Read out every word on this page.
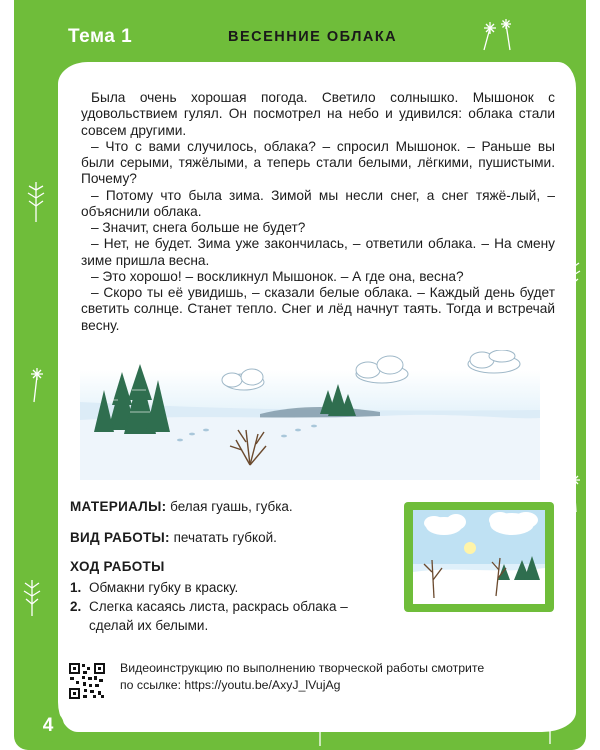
Тема 1	ВЕСЕННИЕ ОБЛАКА

Была очень хорошая погода. Светило солнышко. Мышонок с удовольствием гулял. Он посмотрел на небо и удивился: облака стали совсем другими.

– Что с вами случилось, облака? – спросил Мышонок. – Раньше вы были серыми, тяжёлыми, а теперь стали белыми, лёгкими, пушистыми. Почему?

– Потому что была зима. Зимой мы несли снег, а снег тяжё-лый, – объяснили облака.

– Значит, снега больше не будет?

– Нет, не будет. Зима уже закончилась, – ответили облака. – На смену зиме пришла весна.

– Это хорошо! – воскликнул Мышонок. – А где она, весна?

– Скоро ты её увидишь, – сказали белые облака. – Каждый день будет светить солнце. Станет тепло. Снег и лёд начнут таять. Тогда и встречай весну.

МАТЕРИАЛЫ: белая гуашь, губка.
ВИД РАБОТЫ: печатать губкой.
ХОД РАБОТЫ
1. Обмакни губку в краску.
2. Слегка касаясь листа, раскрась облака – сделай их белыми.
Видеоинструкцию по выполнению творческой работы смотрите
по ссылке: https://youtu.be/AxyJ_lVujAg
4
